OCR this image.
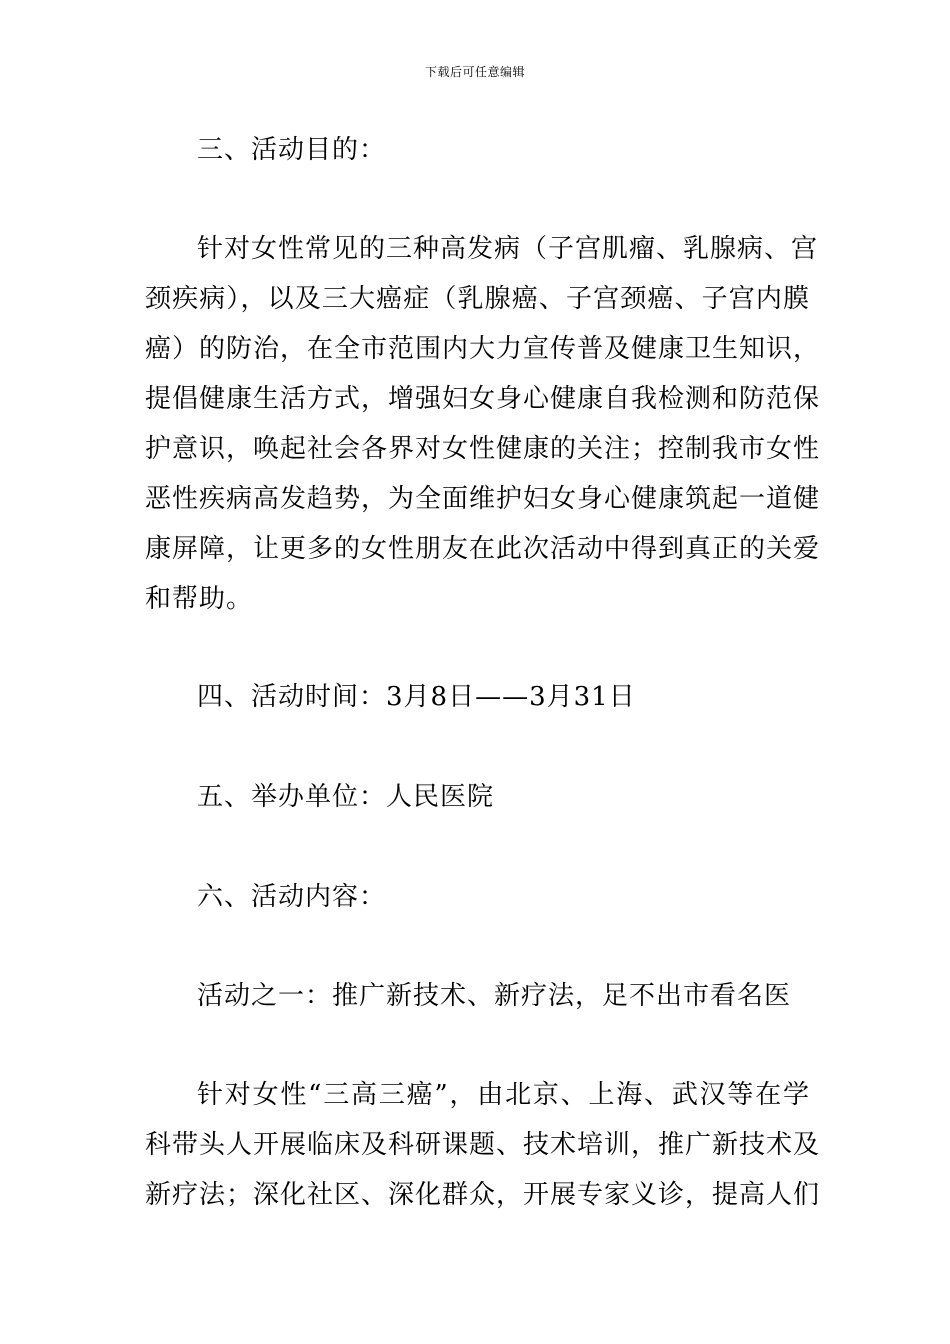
下载后可任意编辑
三、活动目的：
针对女性常见的三种高发病（子宫肌瘤、乳腺病、宫
颈疾病），以及三大癌症（乳腺癌、子宫颈癌、子宫内膜
癌）的防治，在全市范围内大力宣传普及健康卫生知识，
提倡健康生活方式，增强妇女身心健康自我检测和防范保
护意识，唤起社会各界对女性健康的关注；控制我市女性
恶性疾病高发趋势，为全面维护妇女身心健康筑起一道健
康屏障，让更多的女性朋友在此次活动中得到真正的关爱
和帮助。
四、活动时间：3月8日——3月31日
五、举办单位：人民医院
六、活动内容：
活动之一：推广新技术、新疗法，足不出市看名医
针对女性“三高三癌”，由北京、上海、武汉等在学
科带头人开展临床及科研课题、技术培训，推广新技术及
新疗法；深化社区、深化群众，开展专家义诊，提高人们
